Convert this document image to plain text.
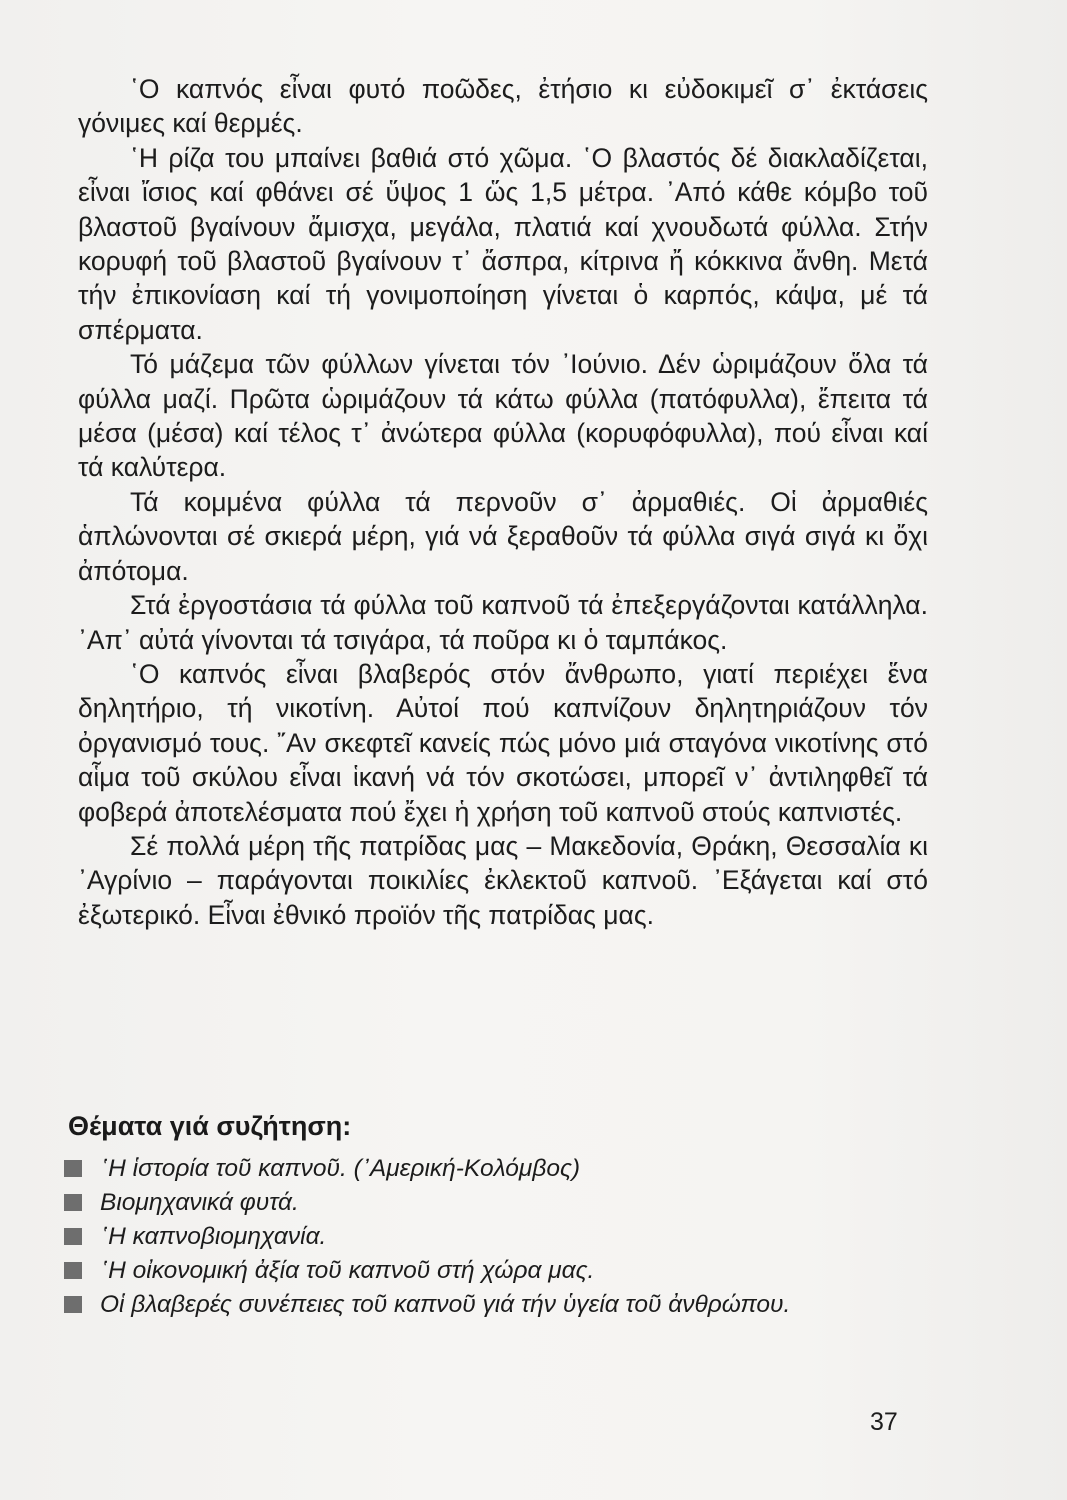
῾Ο καπνός εἶναι φυτό ποῶδες, ἐτήσιο κι εὐδοκιμεῖ σ᾽ ἐκτάσεις γόνιμες καί θερμές.

῾Η ρίζα του μπαίνει βαθιά στό χῶμα. ῾Ο βλαστός δέ διακλαδίζεται, εἶναι ἴσιος καί φθάνει σέ ὕψος 1 ὥς 1,5 μέτρα. ᾽Από κάθε κόμβο τοῦ βλαστοῦ βγαίνουν ἄμισχα, μεγάλα, πλατιά καί χνουδωτά φύλλα. Στήν κορυφή τοῦ βλαστοῦ βγαίνουν τ᾽ ἄσπρα, κίτρινα ἤ κόκκινα ἄνθη. Μετά τήν ἐπικονίαση καί τή γονιμοποίηση γίνεται ὁ καρπός, κάψα, μέ τά σπέρματα.

Τό μάζεμα τῶν φύλλων γίνεται τόν ᾽Ιούνιο. Δέν ὡριμάζουν ὅλα τά φύλλα μαζί. Πρῶτα ὡριμάζουν τά κάτω φύλλα (πατόφυλλα), ἔπειτα τά μέσα (μέσα) καί τέλος τ᾽ ἀνώτερα φύλλα (κορυφόφυλλα), πού εἶναι καί τά καλύτερα.

Τά κομμένα φύλλα τά περνοῦν σ᾽ ἀρμαθιές. Οἱ ἀρμαθιές ἁπλώνονται σέ σκιερά μέρη, γιά νά ξεραθοῦν τά φύλλα σιγά σιγά κι ὄχι ἀπότομα.

Στά ἐργοστάσια τά φύλλα τοῦ καπνοῦ τά ἐπεξεργάζονται κατάλληλα. ᾽Απ᾽ αὐτά γίνονται τά τσιγάρα, τά ποῦρα κι ὁ ταμπάκος.

῾Ο καπνός εἶναι βλαβερός στόν ἄνθρωπο, γιατί περιέχει ἕνα δηλητήριο, τή νικοτίνη. Αὐτοί πού καπνίζουν δηλητηριάζουν τόν ὀργανισμό τους. ῎Αν σκεφτεῖ κανείς πώς μόνο μιά σταγόνα νικοτίνης στό αἷμα τοῦ σκύλου εἶναι ἱκανή νά τόν σκοτώσει, μπορεῖ ν᾽ ἀντιληφθεῖ τά φοβερά ἀποτελέσματα πού ἔχει ἡ χρήση τοῦ καπνοῦ στούς καπνιστές.

Σέ πολλά μέρη τῆς πατρίδας μας – Μακεδονία, Θράκη, Θεσσαλία κι ᾽Αγρίνιο – παράγονται ποικιλίες ἐκλεκτοῦ καπνοῦ. ᾽Εξάγεται καί στό ἐξωτερικό. Εἶναι ἐθνικό προϊόν τῆς πατρίδας μας.

Θέματα γιά συζήτηση:
῾Η ἱστορία τοῦ καπνοῦ. (᾽Αμερική-Κολόμβος)
Βιομηχανικά φυτά.
῾Η καπνοβιομηχανία.
῾Η οἰκονομική ἀξία τοῦ καπνοῦ στή χώρα μας.
Οἱ βλαβερές συνέπειες τοῦ καπνοῦ γιά τήν ὑγεία τοῦ ἀνθρώπου.
37
